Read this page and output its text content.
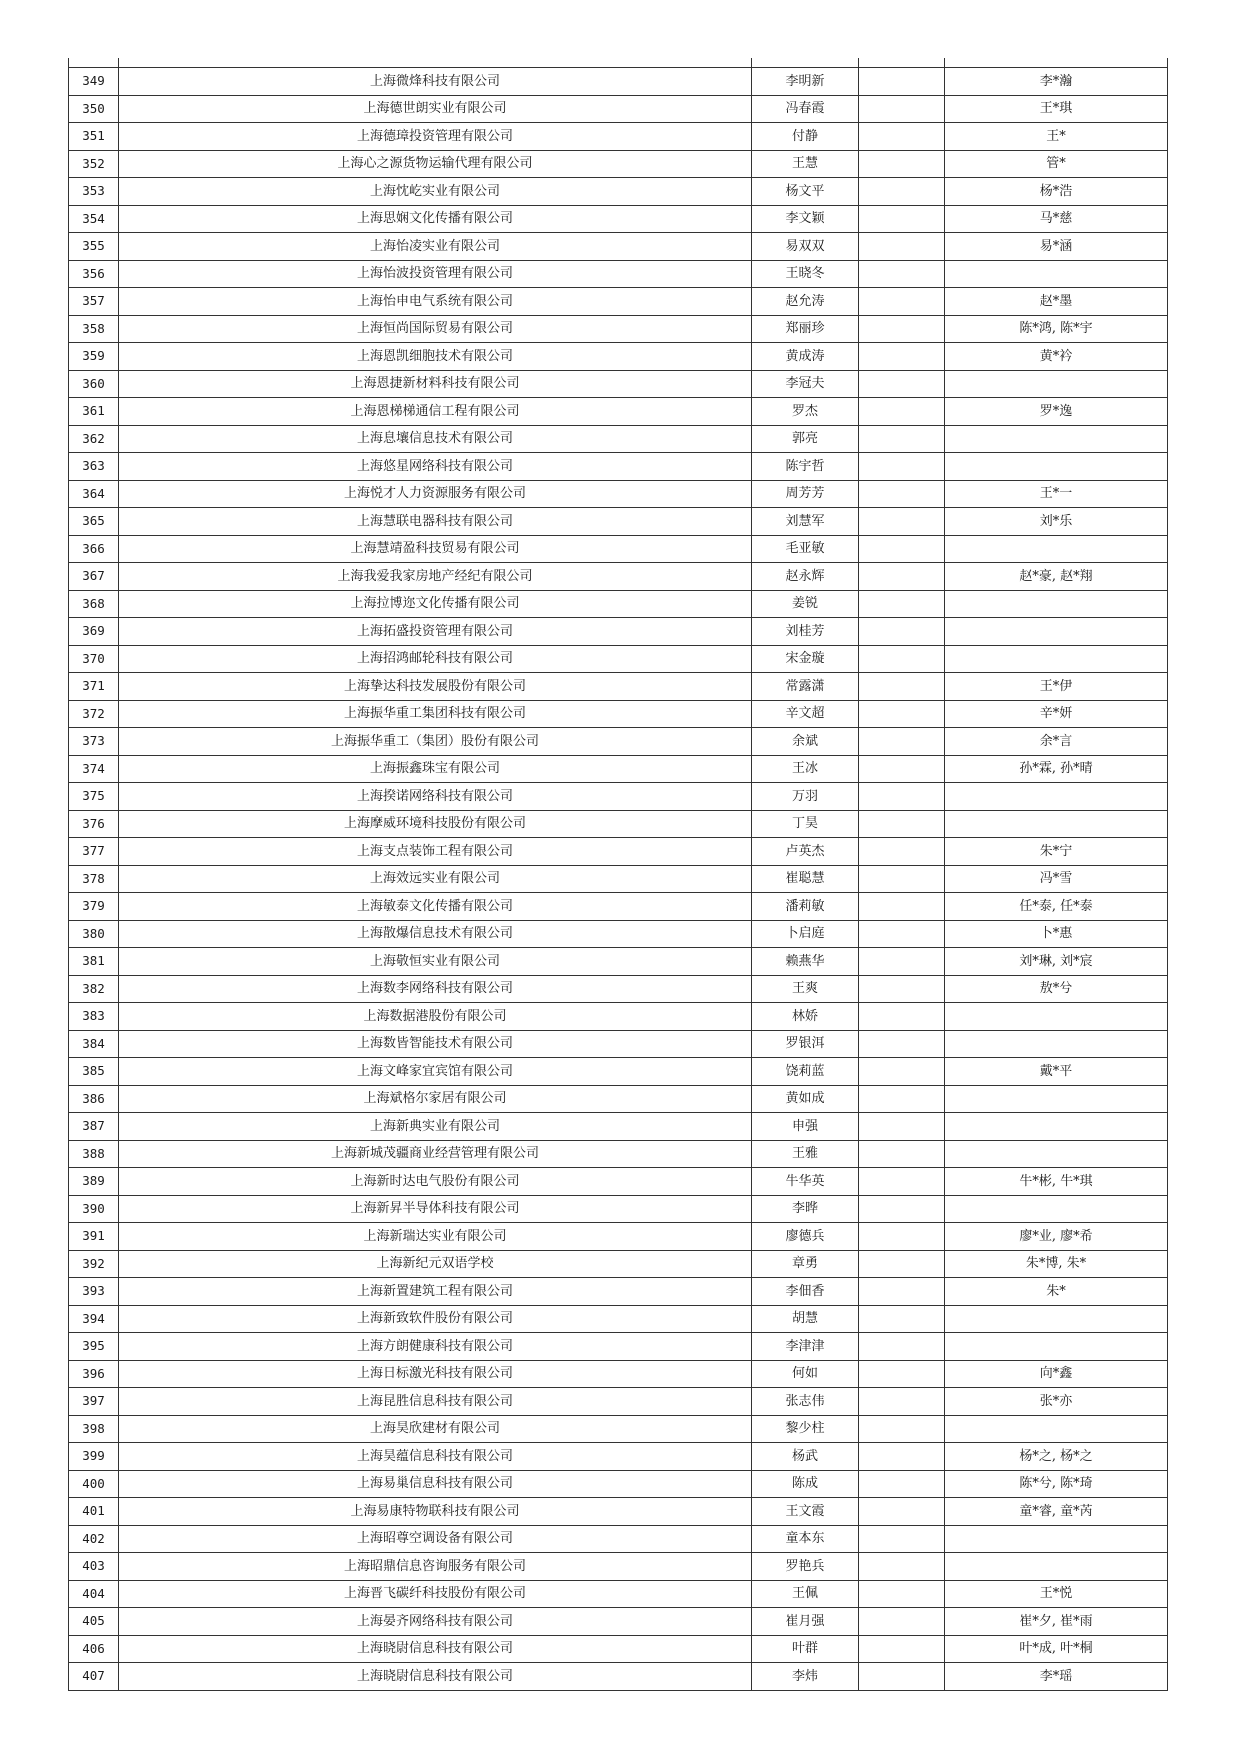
349	上海微烽科技有限公司	李明新		李*瀚
350	上海德世朗实业有限公司	冯春霞		王*琪
351	上海德璋投资管理有限公司	付静		王*
352	上海心之源货物运输代理有限公司	王慧		管*
353	上海忱屹实业有限公司	杨文平		杨*浩
354	上海思娴文化传播有限公司	李文颖		马*慈
355	上海怡凌实业有限公司	易双双		易*涵
356	上海怡波投资管理有限公司	王晓冬		
357	上海怡申电气系统有限公司	赵允涛		赵*墨
358	上海恒尚国际贸易有限公司	郑丽珍		陈*鸿, 陈*宇
359	上海恩凯细胞技术有限公司	黄成涛		黄*衿
360	上海恩捷新材料科技有限公司	李冠夫		
361	上海恩梯梯通信工程有限公司	罗杰		罗*逸
362	上海息壤信息技术有限公司	郭亮		
363	上海悠星网络科技有限公司	陈宇哲		
364	上海悦才人力资源服务有限公司	周芳芳		王*一
365	上海慧联电器科技有限公司	刘慧军		刘*乐
366	上海慧靖盈科技贸易有限公司	毛亚敏		
367	上海我爱我家房地产经纪有限公司	赵永辉		赵*豪, 赵*翔
368	上海拉博迩文化传播有限公司	姜锐		
369	上海拓盛投资管理有限公司	刘桂芳		
370	上海招鸿邮轮科技有限公司	宋金璇		
371	上海挚达科技发展股份有限公司	常露潇		王*伊
372	上海振华重工集团科技有限公司	辛文超		辛*妍
373	上海振华重工（集团）股份有限公司	余斌		余*言
374	上海振鑫珠宝有限公司	王冰		孙*霖, 孙*晴
375	上海揆诺网络科技有限公司	万羽		
376	上海摩威环境科技股份有限公司	丁昊		
377	上海支点装饰工程有限公司	卢英杰		朱*宁
378	上海效远实业有限公司	崔聪慧		冯*雪
379	上海敏泰文化传播有限公司	潘莉敏		任*泰, 任*泰
380	上海散爆信息技术有限公司	卜启庭		卜*惠
381	上海敬恒实业有限公司	赖燕华		刘*琳, 刘*宸
382	上海数李网络科技有限公司	王爽		敖*兮
383	上海数据港股份有限公司	林娇		
384	上海数皆智能技术有限公司	罗银洱		
385	上海文峰家宜宾馆有限公司	饶莉蓝		戴*平
386	上海斌格尔家居有限公司	黄如成		
387	上海新典实业有限公司	申强		
388	上海新城茂疆商业经营管理有限公司	王雅		
389	上海新时达电气股份有限公司	牛华英		牛*彬, 牛*琪
390	上海新昇半导体科技有限公司	李晔		
391	上海新瑞达实业有限公司	廖德兵		廖*业, 廖*希
392	上海新纪元双语学校	章勇		朱*博, 朱*
393	上海新置建筑工程有限公司	李佃香		朱*
394	上海新致软件股份有限公司	胡慧		
395	上海方朗健康科技有限公司	李津津		
396	上海日标激光科技有限公司	何如		向*鑫
397	上海昆胜信息科技有限公司	张志伟		张*亦
398	上海昊欣建材有限公司	黎少柱		
399	上海昊蕴信息科技有限公司	杨武		杨*之, 杨*之
400	上海易巢信息科技有限公司	陈成		陈*兮, 陈*琦
401	上海易康特物联科技有限公司	王文霞		童*睿, 童*芮
402	上海昭尊空调设备有限公司	童本东		
403	上海昭鼎信息咨询服务有限公司	罗艳兵		
404	上海晋飞碳纤科技股份有限公司	王佩		王*悦
405	上海晏齐网络科技有限公司	崔月强		崔*夕, 崔*雨
406	上海晓尉信息科技有限公司	叶群		叶*成, 叶*桐
407	上海晓尉信息科技有限公司	李炜		李*瑶
